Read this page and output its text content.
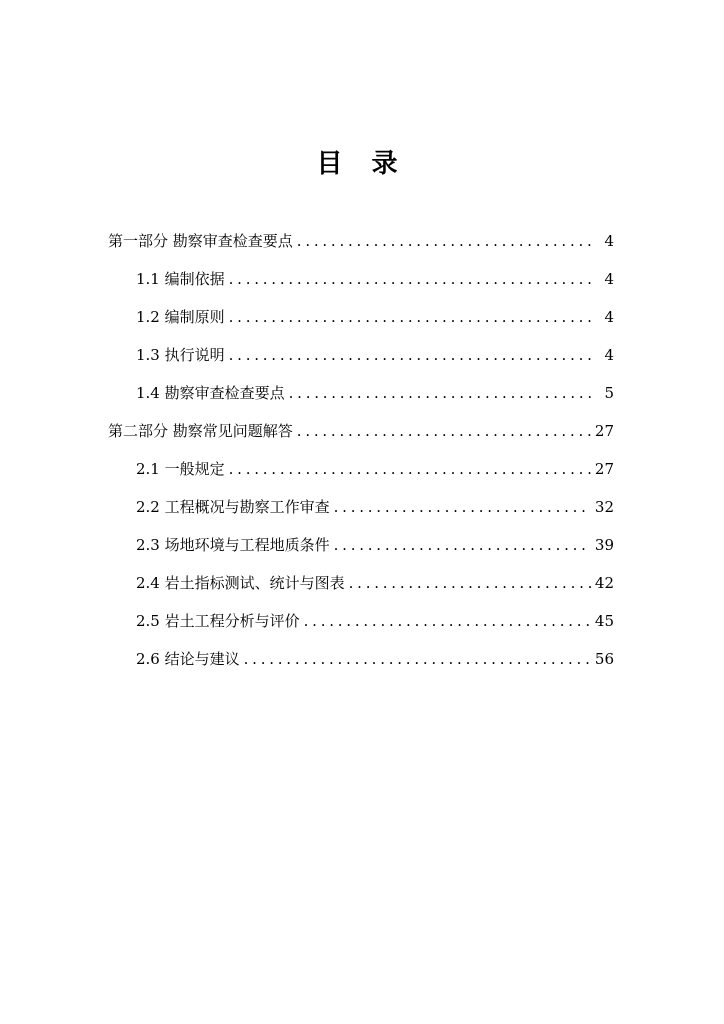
目 录
第一部分 勘察审查检查要点 . . .	4
1.1 编制依据 . . .	4
1.2 编制原则 . . .	4
1.3 执行说明 . . .	4
1.4 勘察审查检查要点 . . .	5
第二部分 勘察常见问题解答 . . .	27
2.1 一般规定 . . .	27
2.2 工程概况与勘察工作审查 . . .	32
2.3 场地环境与工程地质条件 . . .	39
2.4 岩土指标测试、统计与图表 . . .	42
2.5 岩土工程分析与评价 . . .	45
2.6 结论与建议 . . .	56
